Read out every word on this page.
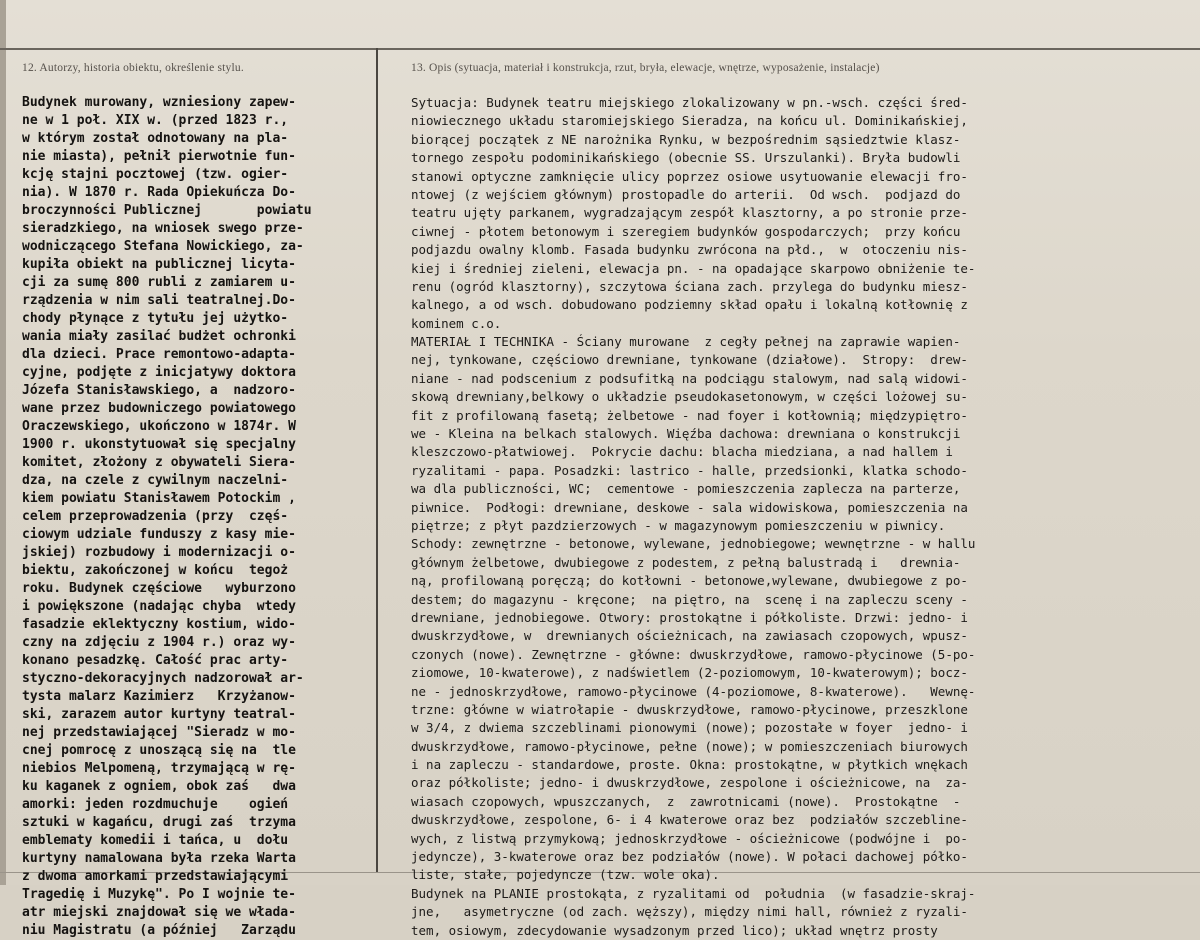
12. Autorzy, historia obiektu, określenie stylu.	13. Opis (sytuacja, materiał i konstrukcja, rzut, bryła, elewacje, wnętrze, wyposażenie, instalacje)
Budynek murowany, wzniesiony zapew-
ne w 1 poł. XIX w. (przed 1823 r.,
w którym został odnotowany na pla-
nie miasta), pełnił pierwotnie fun-
kcję stajni pocztowej (tzw. ogier-
nia). W 1870 r. Rada Opiekuńcza Do-
broczynności Publicznej       powiatu
sieradzkiego, na wniosek swego prze-
wodniczącego Stefana Nowickiego, za-
kupiła obiekt na publicznej licyta-
cji za sumę 800 rubli z zamiarem u-
rządzenia w nim sali teatralnej.Do-
chody płynące z tytułu jej użytko-
wania miały zasilać budżet ochronki
dla dzieci. Prace remontowo-adapta-
cyjne, podjęte z inicjatywy doktora
Józefa Stanisławskiego, a  nadzoro-
wane przez budowniczego powiatowego
Oraczewskiego, ukończono w 1874r. W
1900 r. ukonstytuował się specjalny
komitet, złożony z obywateli Siera-
dza, na czele z cywilnym naczelni-
kiem powiatu Stanisławem Potockim ,
celem przeprowadzenia (przy  częś-
ciowym udziale funduszy z kasy mie-
jskiej) rozbudowy i modernizacji o-
biektu, zakończonej w końcu  tegoż
roku. Budynek częściowe   wyburzono
i powiększone (nadając chyba  wtedy
fasadzie eklektyczny kostium, wido-
czny na zdjęciu z 1904 r.) oraz wy-
konano pesadzkę. Całość prac arty-
styczno-dekoracyjnych nadzorował ar-
tysta malarz Kazimierz   Krzyżanow-
ski, zarazem autor kurtyny teatral-
nej przedstawiającej "Sieradz w mo-
cnej pomrocę z unoszącą się na  tle
niebios Melpomeną, trzymającą w rę-
ku kaganek z ogniem, obok zaś   dwa
amorki: jeden rozdmuchuje    ogień
sztuki w kagańcu, drugi zaś  trzyma
emblematy komedii i tańca, u  dołu
kurtyny namalowana była rzeka Warta
z dwoma amorkami przedstawiającymi
Tragedię i Muzykę". Po I wojnie te-
atr miejski znajdował się we włada-
niu Magistratu (a później   Zarządu
Sytuacja: Budynek teatru miejskiego zlokalizowany w pn.-wsch. części śred-
niowiecznego układu staromiejskiego Sieradza, na końcu ul. Dominikańskiej,
biorącej początek z NE narożnika Rynku, w bezpośrednim sąsiedztwie klasz-
tornego zespołu podominikańskiego (obecnie SS. Urszulanki). Bryła budowli
stanowi optyczne zamknięcie ulicy poprzez osiowe usytuowanie elewacji fro-
ntowej (z wejściem głównym) prostopadle do arterii.  Od wsch.  podjazd do
teatru ujęty parkanem, wygradzającym zespół klasztorny, a po stronie prze-
ciwnej - płotem betonowym i szeregiem budynków gospodarczych;  przy końcu
podjazdu owalny klomb. Fasada budynku zwrócona na płd.,  w  otoczeniu nis-
kiej i średniej zieleni, elewacja pn. - na opadające skarpowo obniżenie te-
renu (ogród klasztorny), szczytowa ściana zach. przylega do budynku miesz-
kalnego, a od wsch. dobudowano podziemny skład opału i lokalną kotłownię z
kominem c.o.
MATERIAŁ I TECHNIKA - Ściany murowane  z cegły pełnej na zaprawie wapien-
nej, tynkowane, częściowo drewniane, tynkowane (działowe).  Stropy:  drew-
niane - nad podscenium z podsufitką na podciągu stalowym, nad salą widowi-
skową drewniany,belkowy o układzie pseudokasetonowym, w części lożowej su-
fit z profilowaną fasetą; żelbetowe - nad foyer i kotłownią; międzypiętro-
we - Kleina na belkach stalowych. Więźba dachowa: drewniana o konstrukcji
kleszczowo-płatwiowej.  Pokrycie dachu: blacha miedziana, a nad hallem i
ryzalitami - papa. Posadzki: lastrico - halle, przedsionki, klatka schodo-
wa dla publiczności, WC;  cementowe - pomieszczenia zaplecza na parterze,
piwnice.  Podłogi: drewniane, deskowe - sala widowiskowa, pomieszczenia na
piętrze; z płyt pazdzierzowych - w magazynowym pomieszczeniu w piwnicy.
Schody: zewnętrzne - betonowe, wylewane, jednobiegowe; wewnętrzne - w hallu
głównym żelbetowe, dwubiegowe z podestem, z pełną balustradą i   drewnia-
ną, profilowaną poręczą; do kotłowni - betonowe,wylewane, dwubiegowe z po-
destem; do magazynu - kręcone;  na piętro, na  scenę i na zapleczu sceny -
drewniane, jednobiegowe. Otwory: prostokątne i półkoliste. Drzwi: jedno- i
dwuskrzydłowe, w  drewnianych ościeżnicach, na zawiasach czopowych, wpusz-
czonych (nowe). Zewnętrzne - główne: dwuskrzydłowe, ramowo-płycinowe (5-po-
ziomowe, 10-kwaterowe), z nadświetlem (2-poziomowym, 10-kwaterowym); bocz-
ne - jednoskrzydłowe, ramowo-płycinowe (4-poziomowe, 8-kwaterowe).   Wewnę-
trzne: główne w wiatrołapie - dwuskrzydłowe, ramowo-płycinowe, przeszklone
w 3/4, z dwiema szczeblinami pionowymi (nowe); pozostałe w foyer  jedno- i
dwuskrzydłowe, ramowo-płycinowe, pełne (nowe); w pomieszczeniach biurowych
i na zapleczu - standardowe, proste. Okna: prostokątne, w płytkich wnękach
oraz półkoliste; jedno- i dwuskrzydłowe, zespolone i ościeżnicowe, na  za-
wiasach czopowych, wpuszczanych,  z  zawrotnicami (nowe).  Prostokątne  -
dwuskrzydłowe, zespolone, 6- i 4 kwaterowe oraz bez  podziałów szczebline-
wych, z listwą przymykową; jednoskrzydłowe - ościeżnicowe (podwójne i  po-
jedyncze), 3-kwaterowe oraz bez podziałów (nowe). W połaci dachowej półko-
liste, stałe, pojedyncze (tzw. wole oka).
Budynek na PLANIE prostokąta, z ryzalitami od  południa  (w fasadzie-skraj-
jne,   asymetryczne (od zach. węższy), między nimi hall, również z ryzali-
tem, osiowym, zdecydowanie wysadzonym przed lico); układ wnętrz prosty
